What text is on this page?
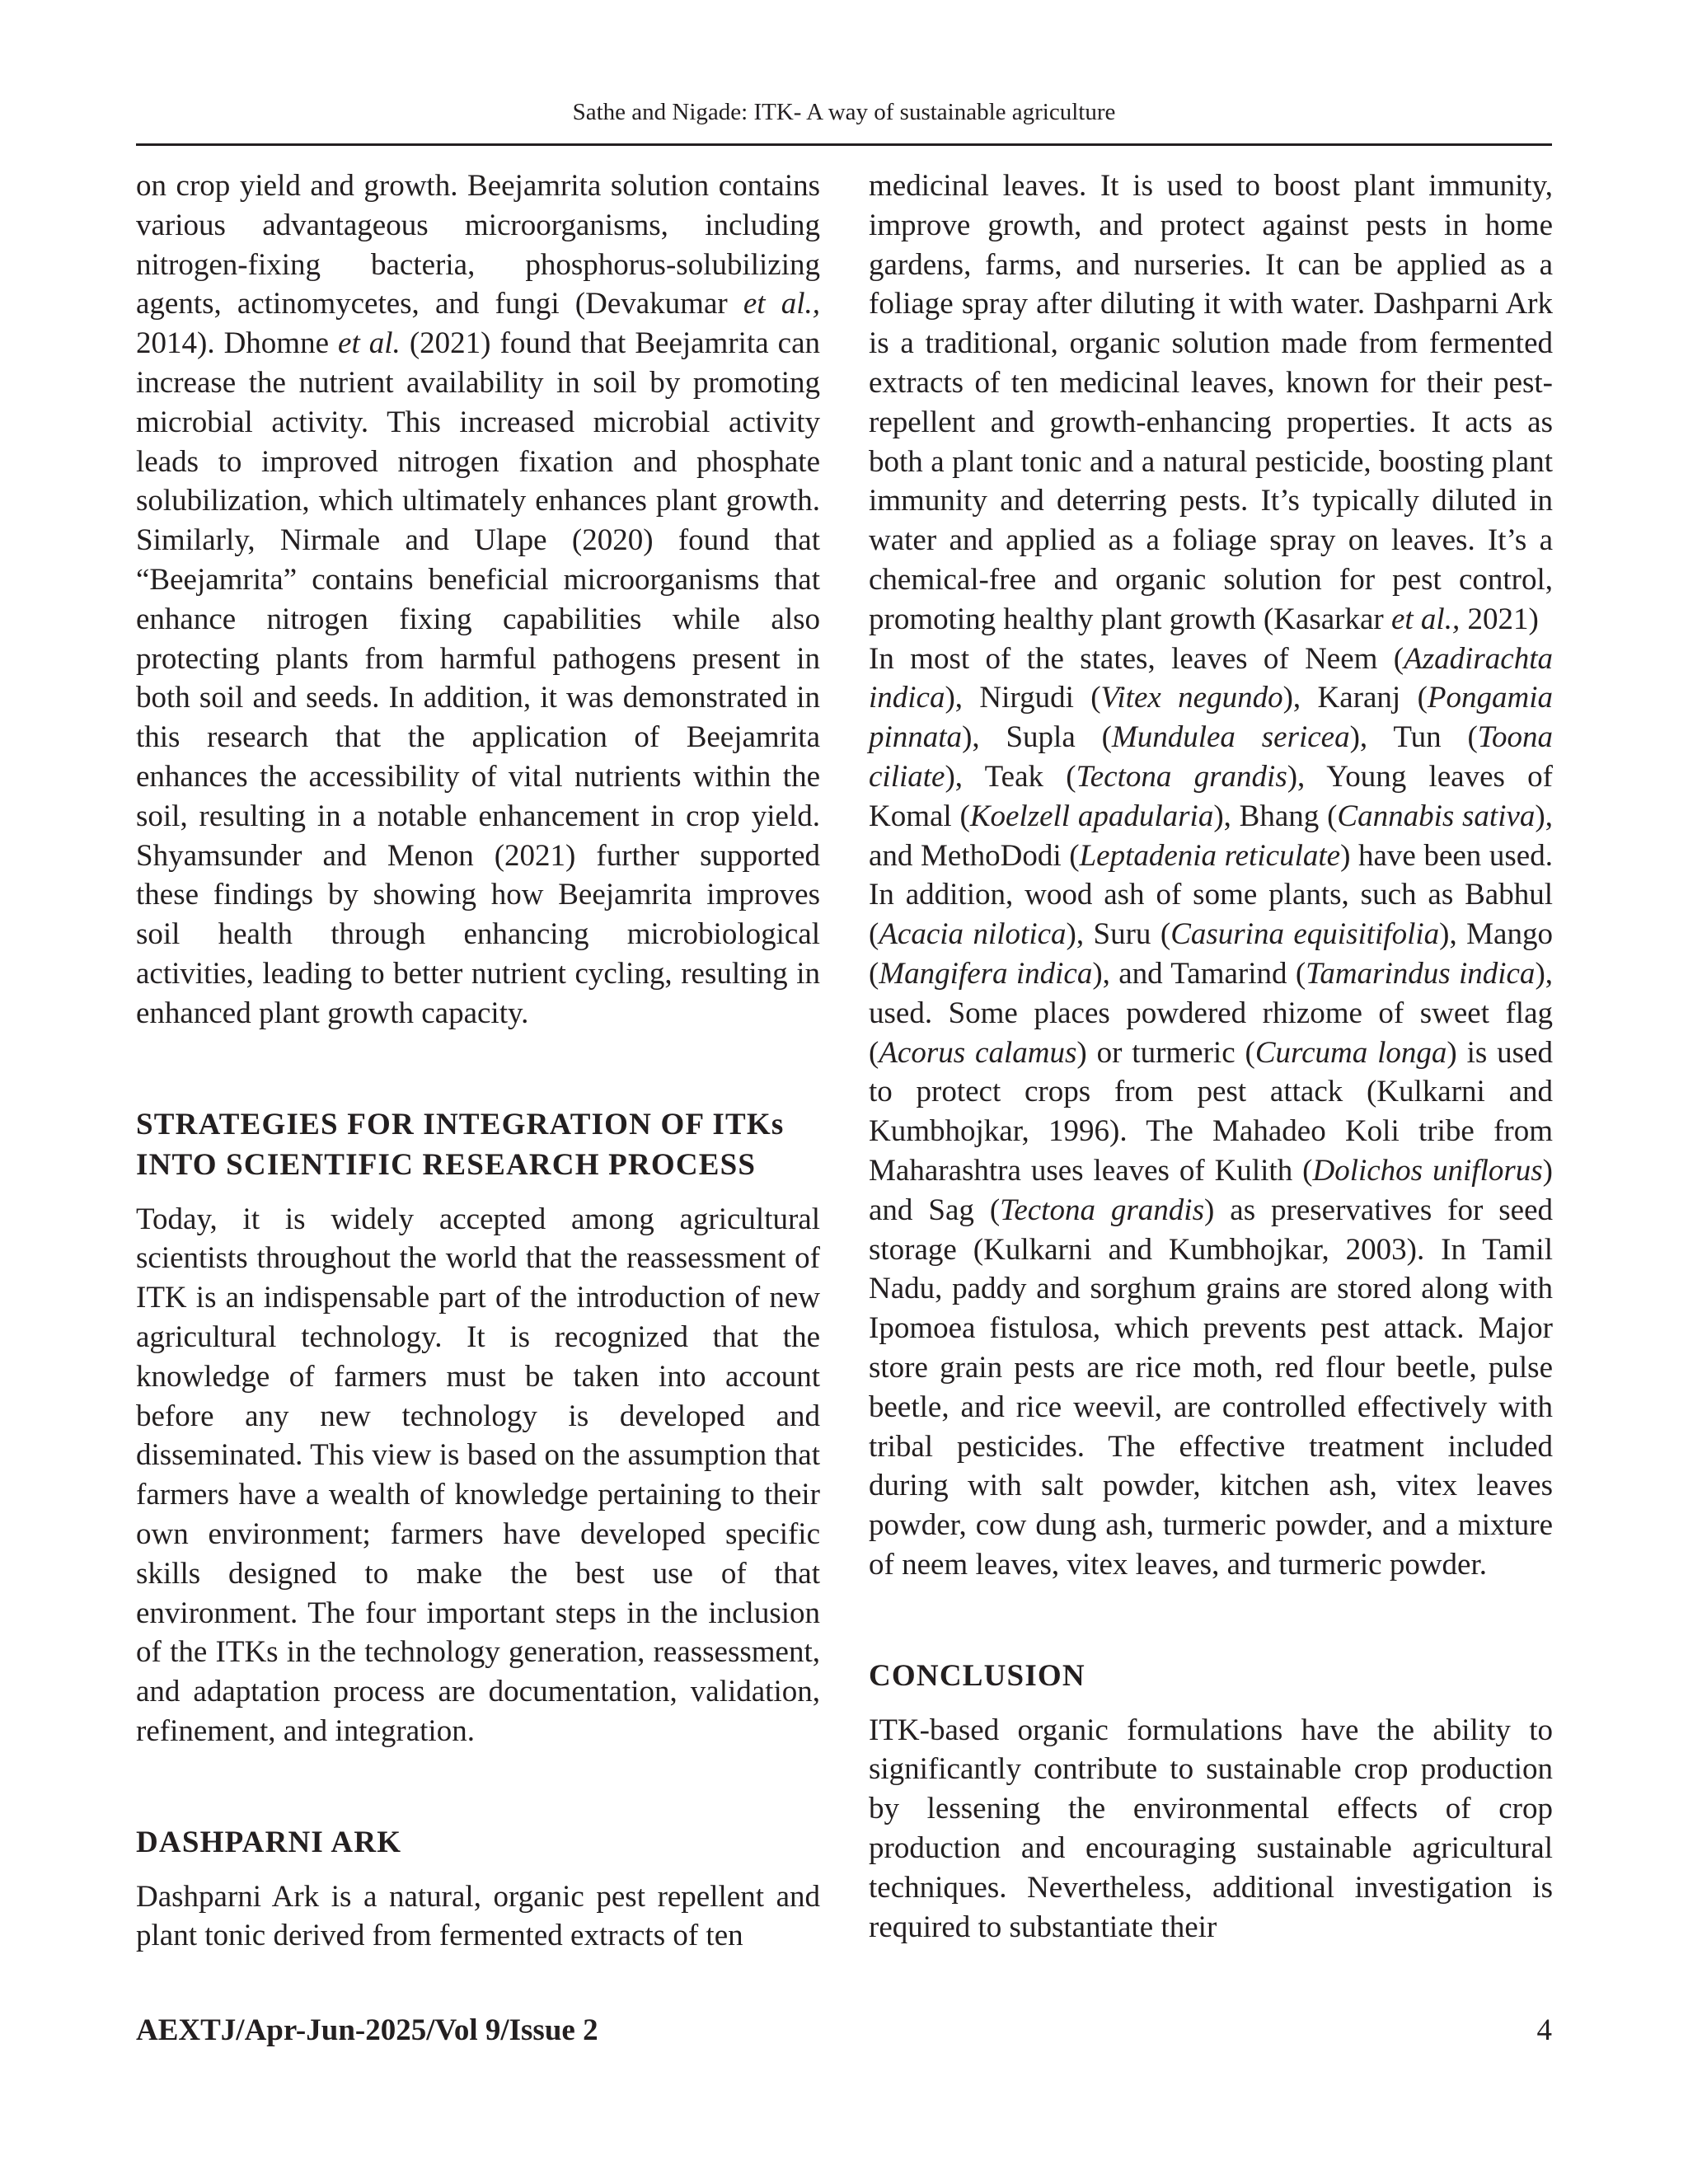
Sathe and Nigade: ITK- A way of sustainable agriculture

on crop yield and growth. Beejamrita solution contains various advantageous microorganisms, including nitrogen-fixing bacteria, phosphorus-solubilizing agents, actinomycetes, and fungi (Devakumar et al., 2014). Dhomne et al. (2021) found that Beejamrita can increase the nutrient availability in soil by promoting microbial activity. This increased microbial activity leads to improved nitrogen fixation and phosphate solubilization, which ultimately enhances plant growth. Similarly, Nirmale and Ulape (2020) found that “Beejamrita” contains beneficial microorganisms that enhance nitrogen fixing capabilities while also protecting plants from harmful pathogens present in both soil and seeds. In addition, it was demonstrated in this research that the application of Beejamrita enhances the accessibility of vital nutrients within the soil, resulting in a notable enhancement in crop yield. Shyamsunder and Menon (2021) further supported these findings by showing how Beejamrita improves soil health through enhancing microbiological activities, leading to better nutrient cycling, resulting in enhanced plant growth capacity.

STRATEGIES FOR INTEGRATION OF ITKs INTO SCIENTIFIC RESEARCH PROCESS

Today, it is widely accepted among agricultural scientists throughout the world that the reassessment of ITK is an indispensable part of the introduction of new agricultural technology. It is recognized that the knowledge of farmers must be taken into account before any new technology is developed and disseminated. This view is based on the assumption that farmers have a wealth of knowledge pertaining to their own environment; farmers have developed specific skills designed to make the best use of that environment. The four important steps in the inclusion of the ITKs in the technology generation, reassessment, and adaptation process are documentation, validation, refinement, and integration.

DASHPARNI ARK

Dashparni Ark is a natural, organic pest repellent and plant tonic derived from fermented extracts of ten

medicinal leaves. It is used to boost plant immunity, improve growth, and protect against pests in home gardens, farms, and nurseries. It can be applied as a foliage spray after diluting it with water. Dashparni Ark is a traditional, organic solution made from fermented extracts of ten medicinal leaves, known for their pest-repellent and growth-enhancing properties. It acts as both a plant tonic and a natural pesticide, boosting plant immunity and deterring pests. It’s typically diluted in water and applied as a foliage spray on leaves. It’s a chemical-free and organic solution for pest control, promoting healthy plant growth (Kasarkar et al., 2021)

In most of the states, leaves of Neem (Azadirachta indica), Nirgudi (Vitex negundo), Karanj (Pongamia pinnata), Supla (Mundulea sericea), Tun (Toona ciliate), Teak (Tectona grandis), Young leaves of Komal (Koelzell apadularia), Bhang (Cannabis sativa), and MethoDodi (Leptadenia reticulate) have been used. In addition, wood ash of some plants, such as Babhul (Acacia nilotica), Suru (Casurina equisitifolia), Mango (Mangifera indica), and Tamarind (Tamarindus indica), used. Some places powdered rhizome of sweet flag (Acorus calamus) or turmeric (Curcuma longa) is used to protect crops from pest attack (Kulkarni and Kumbhojkar, 1996). The Mahadeo Koli tribe from Maharashtra uses leaves of Kulith (Dolichos uniflorus) and Sag (Tectona grandis) as preservatives for seed storage (Kulkarni and Kumbhojkar, 2003). In Tamil Nadu, paddy and sorghum grains are stored along with Ipomoea fistulosa, which prevents pest attack. Major store grain pests are rice moth, red flour beetle, pulse beetle, and rice weevil, are controlled effectively with tribal pesticides. The effective treatment included during with salt powder, kitchen ash, vitex leaves powder, cow dung ash, turmeric powder, and a mixture of neem leaves, vitex leaves, and turmeric powder.

CONCLUSION

ITK-based organic formulations have the ability to significantly contribute to sustainable crop production by lessening the environmental effects of crop production and encouraging sustainable agricultural techniques. Nevertheless, additional investigation is required to substantiate their

AEXTJ/Apr-Jun-2025/Vol 9/Issue 2	4
